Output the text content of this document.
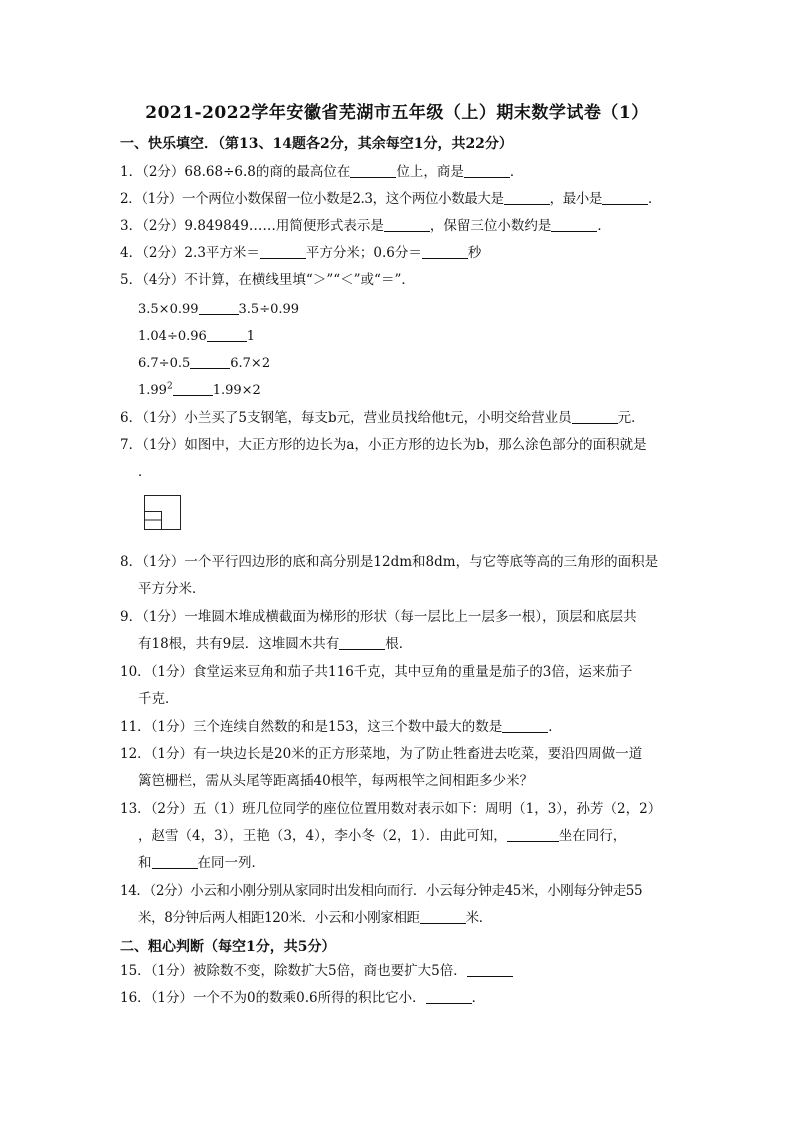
2021-2022学年安徽省芜湖市五年级（上）期末数学试卷（1）
一、快乐填空．（第13、14题各2分，其余每空1分，共22分）
1．（2分）68.68÷6.8的商的最高位在	位上，商是	．
2．（1分）一个两位小数保留一位小数是2.3，这个两位小数最大是	，最小是	．
3．（2分）9.849849……用简便形式表示是	，保留三位小数约是	．
4．（2分）2.3平方米＝	平方分米；0.6分＝	秒
5．（4分）不计算，在横线里填“＞”“＜”或“＝”．
3.5×0.99	3.5÷0.99
1.04÷0.96	1
6.7÷0.5	6.7×2
1.99$^2$	1.99×2
6．（1分）小兰买了5支钢笔，每支b元，营业员找给他t元，小明交给营业员	元．
7．（1分）如图中，大正方形的边长为a，小正方形的边长为b，那么涂色部分的面积就是
．
8．（1分）一个平行四边形的底和高分别是12dm和8dm，与它等底等高的三角形的面积是
平方分米．
9．（1分）一堆圆木堆成横截面为梯形的形状（每一层比上一层多一根），顶层和底层共
有18根，共有9层．这堆圆木共有	根．
10．（1分）食堂运来豆角和茄子共116千克，其中豆角的重量是茄子的3倍，运来茄子
千克．
11．（1分）三个连续自然数的和是153，这三个数中最大的数是	．
12．（1分）有一块边长是20米的正方形菜地，为了防止牲畜进去吃菜，要沿四周做一道
篱笆栅栏，需从头尾等距离插40根竿，每两根竿之间相距多少米？
13．（2分）五（1）班几位同学的座位位置用数对表示如下：周明（1，3），孙芳（2，2）
，赵雪（4，3），王艳（3，4），李小冬（2，1）．由此可知，	坐在同行，
和	在同一列．
14．（2分）小云和小刚分别从家同时出发相向而行．小云每分钟走45米，小刚每分钟走55
米，8分钟后两人相距120米．小云和小刚家相距	米．
二、粗心判断（每空1分，共5分）
15．（1分）被除数不变，除数扩大5倍，商也要扩大5倍．
16．（1分）一个不为0的数乘0.6所得的积比它小．	．
